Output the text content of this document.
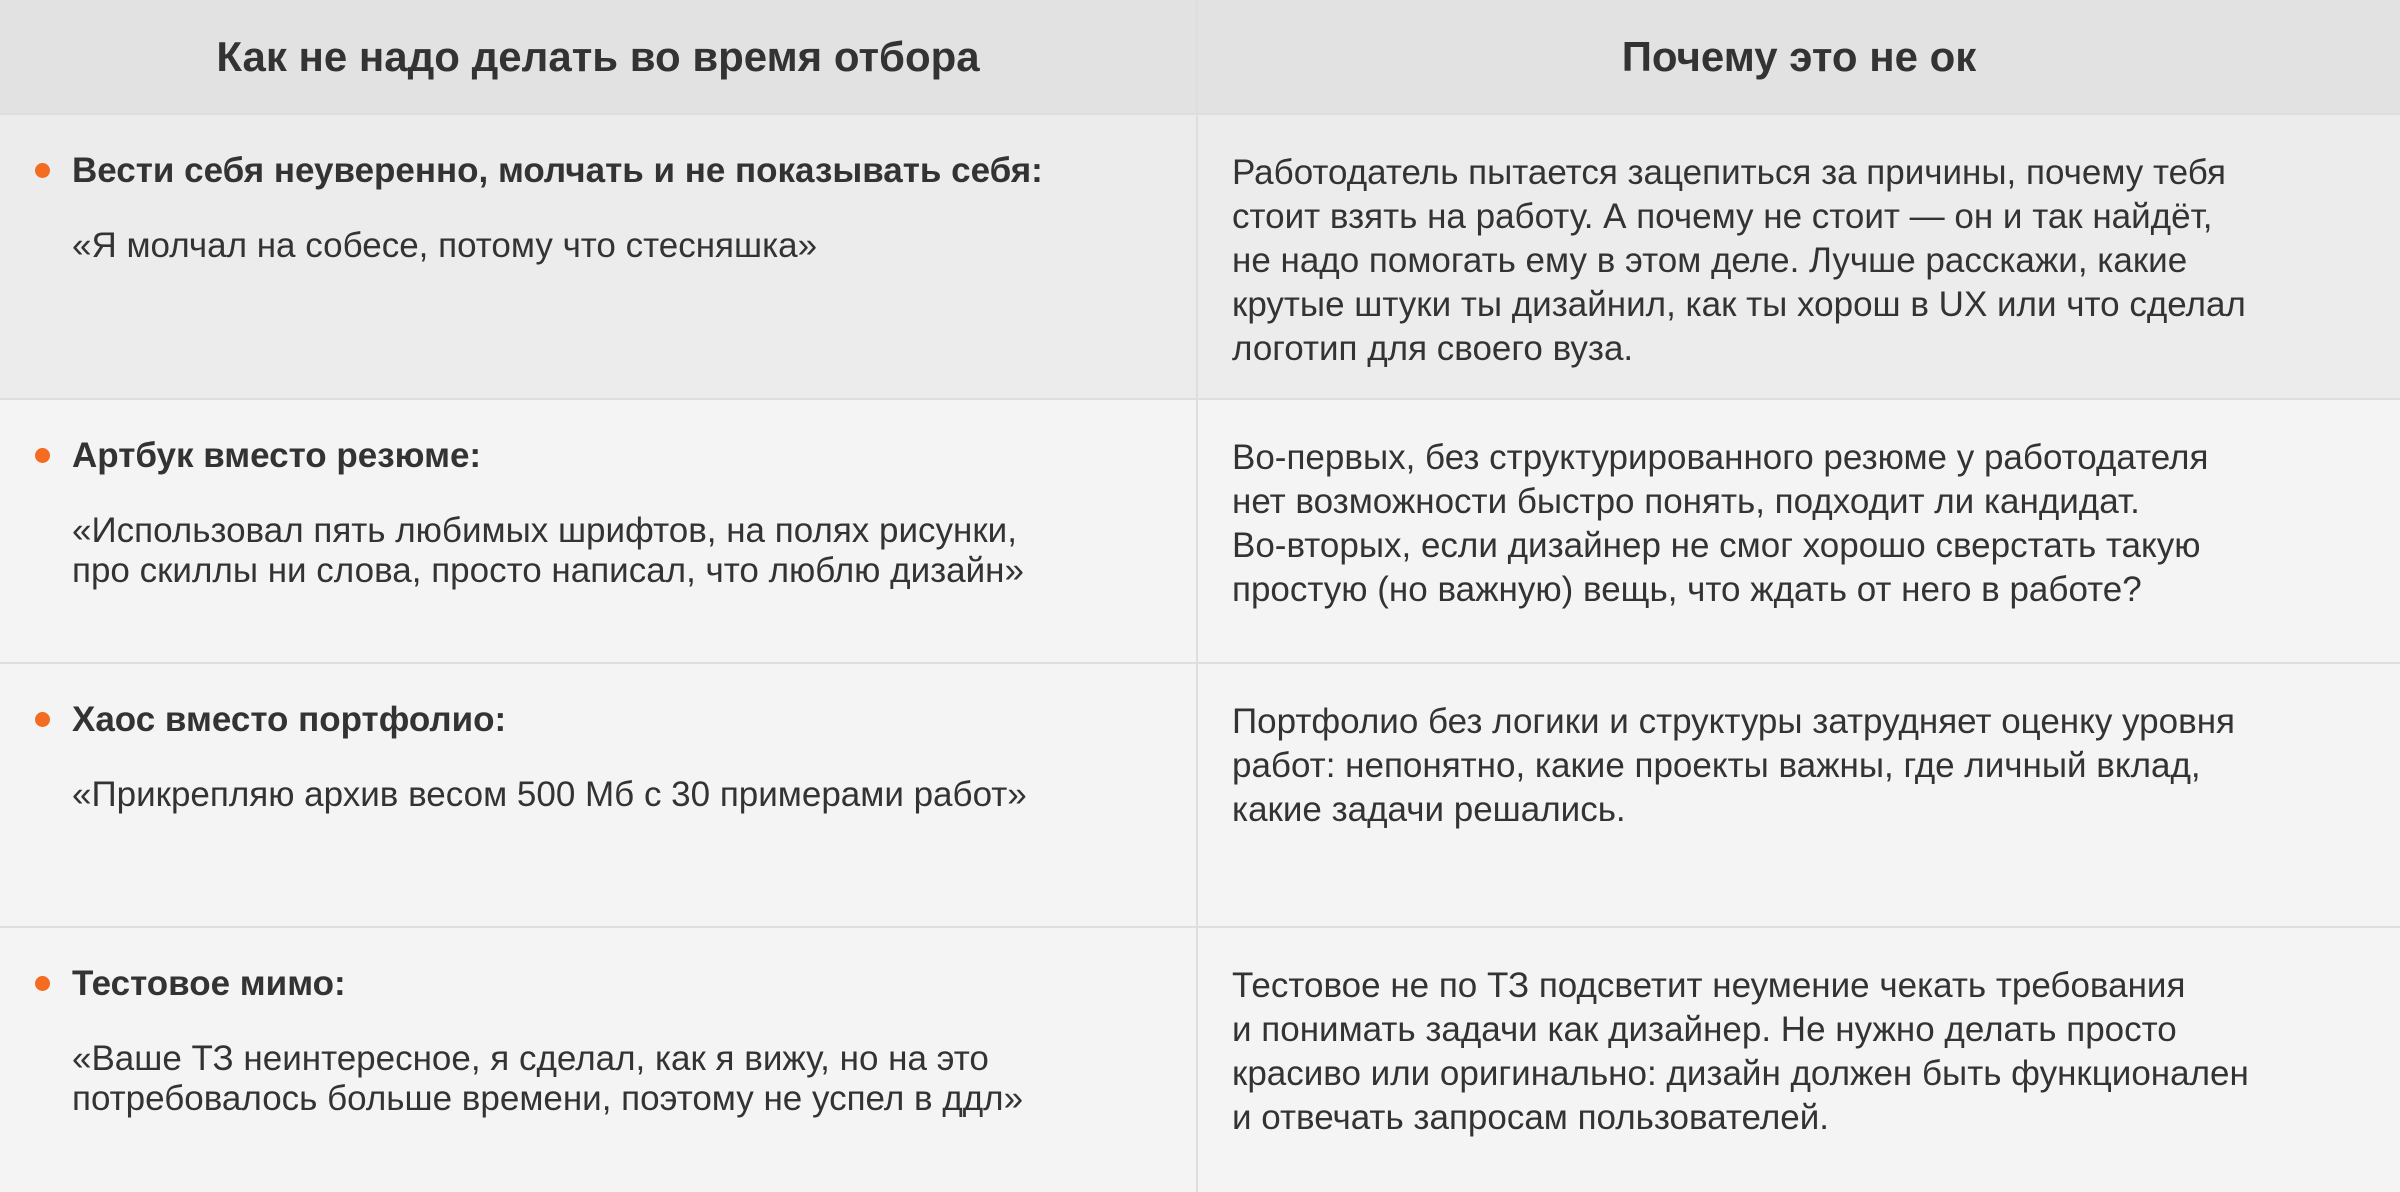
Как не надо делать во время отбора	Почему это не ок
Вести себя неуверенно, молчать и не показывать себя:
«Я молчал на собесе, потому что стесняшка»
Работодатель пытается зацепиться за причины, почему тебя
стоит взять на работу. А почему не стоит — он и так найдёт,
не надо помогать ему в этом деле. Лучше расскажи, какие
крутые штуки ты дизайнил, как ты хорош в UX или что сделал
логотип для своего вуза.
Артбук вместо резюме:
«Использовал пять любимых шрифтов, на полях рисунки,
про скиллы ни слова, просто написал, что люблю дизайн»
Во-первых, без структурированного резюме у работодателя
нет возможности быстро понять, подходит ли кандидат.
Во-вторых, если дизайнер не смог хорошо сверстать такую
простую (но важную) вещь, что ждать от него в работе?
Хаос вместо портфолио:
«Прикрепляю архив весом 500 Мб с 30 примерами работ»
Портфолио без логики и структуры затрудняет оценку уровня
работ: непонятно, какие проекты важны, где личный вклад,
какие задачи решались.
Тестовое мимо:
«Ваше ТЗ неинтересное, я сделал, как я вижу, но на это
потребовалось больше времени, поэтому не успел в ддл»
Тестовое не по ТЗ подсветит неумение чекать требования
и понимать задачи как дизайнер. Не нужно делать просто
красиво или оригинально: дизайн должен быть функционален
и отвечать запросам пользователей.
